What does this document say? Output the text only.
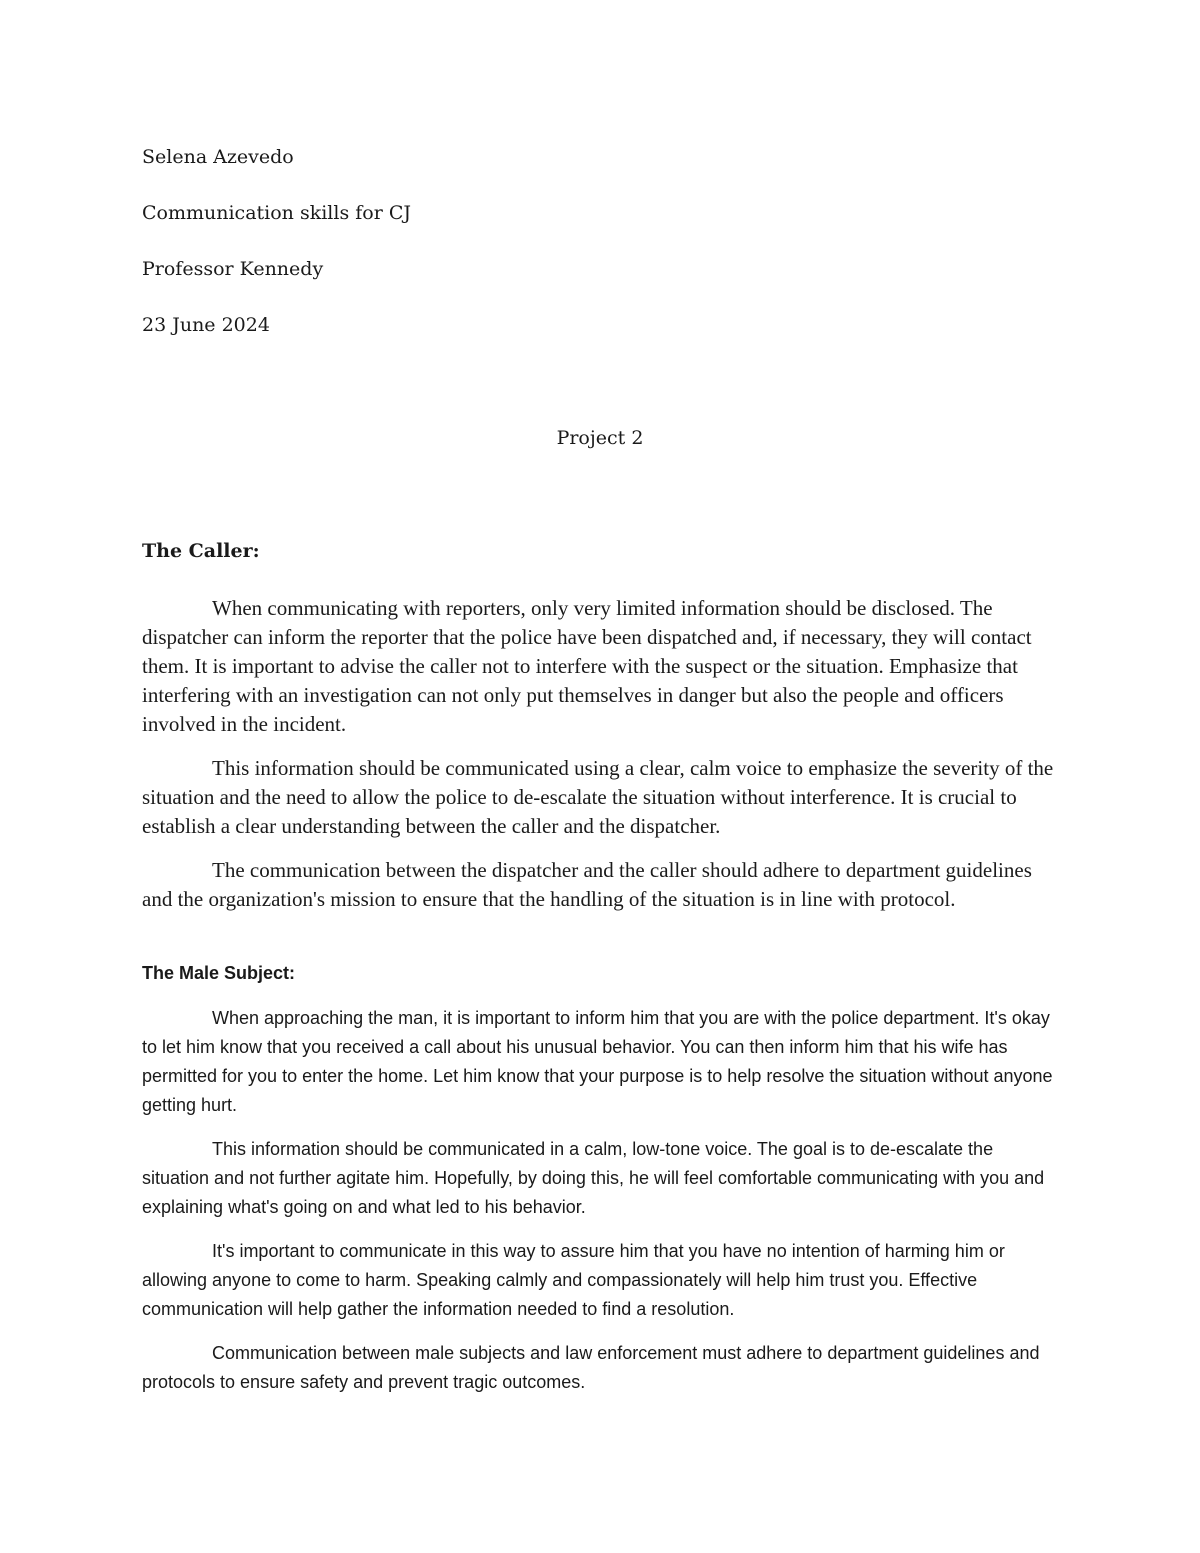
Selena Azevedo
Communication skills for CJ
Professor Kennedy
23 June 2024
Project 2

The Caller:

When communicating with reporters, only very limited information should be disclosed. The dispatcher can inform the reporter that the police have been dispatched and, if necessary, they will contact them. It is important to advise the caller not to interfere with the suspect or the situation. Emphasize that interfering with an investigation can not only put themselves in danger but also the people and officers involved in the incident.

This information should be communicated using a clear, calm voice to emphasize the severity of the situation and the need to allow the police to de-escalate the situation without interference. It is crucial to establish a clear understanding between the caller and the dispatcher.

The communication between the dispatcher and the caller should adhere to department guidelines and the organization's mission to ensure that the handling of the situation is in line with protocol.

The Male Subject:

When approaching the man, it is important to inform him that you are with the police department. It's okay to let him know that you received a call about his unusual behavior. You can then inform him that his wife has permitted for you to enter the home. Let him know that your purpose is to help resolve the situation without anyone getting hurt.

This information should be communicated in a calm, low-tone voice. The goal is to de-escalate the situation and not further agitate him. Hopefully, by doing this, he will feel comfortable communicating with you and explaining what's going on and what led to his behavior.

It's important to communicate in this way to assure him that you have no intention of harming him or allowing anyone to come to harm. Speaking calmly and compassionately will help him trust you. Effective communication will help gather the information needed to find a resolution.

Communication between male subjects and law enforcement must adhere to department guidelines and protocols to ensure safety and prevent tragic outcomes.
